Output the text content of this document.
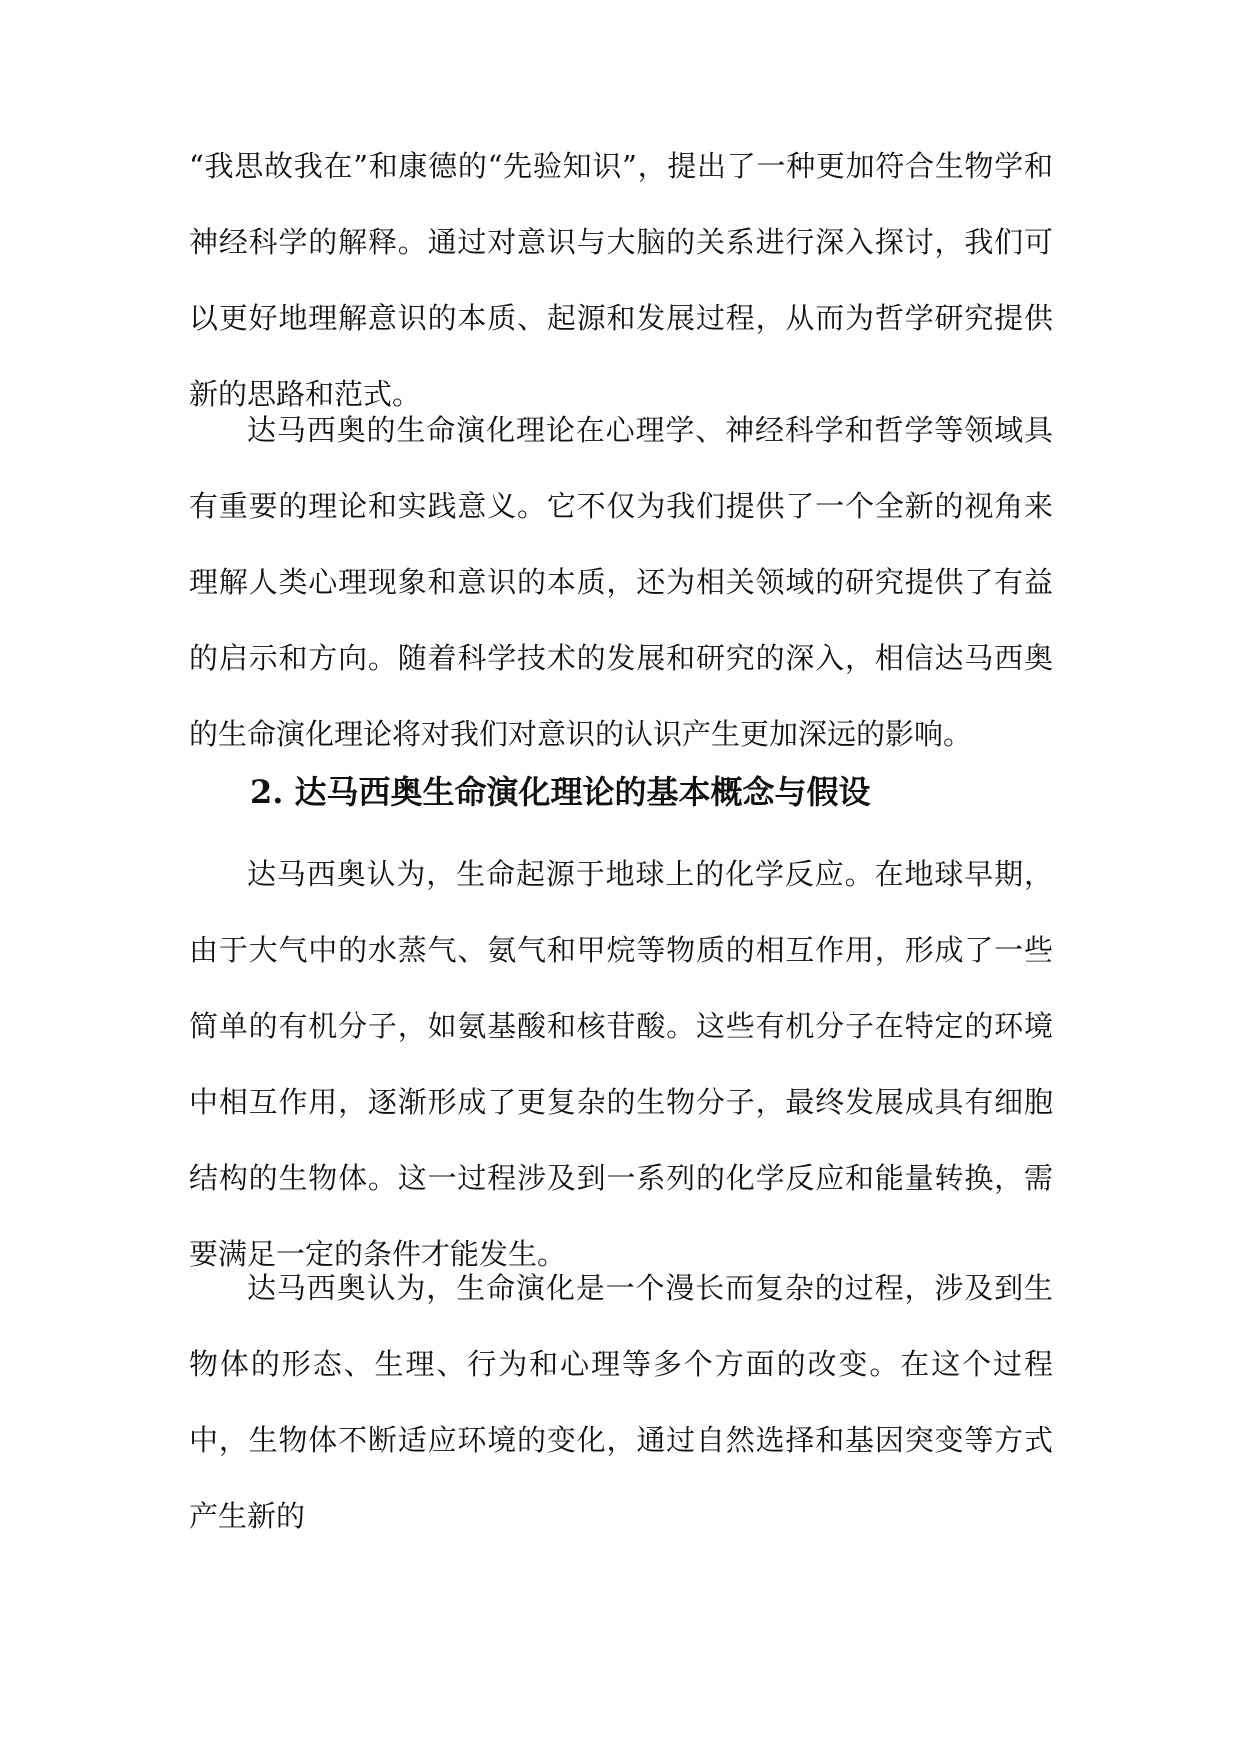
“我思故我在”和康德的“先验知识”，提出了一种更加符合生物学和神经科学的解释。通过对意识与大脑的关系进行深入探讨，我们可以更好地理解意识的本质、起源和发展过程，从而为哲学研究提供新的思路和范式。

达马西奥的生命演化理论在心理学、神经科学和哲学等领域具有重要的理论和实践意义。它不仅为我们提供了一个全新的视角来理解人类心理现象和意识的本质，还为相关领域的研究提供了有益的启示和方向。随着科学技术的发展和研究的深入，相信达马西奥的生命演化理论将对我们对意识的认识产生更加深远的影响。

2. 达马西奥生命演化理论的基本概念与假设

达马西奥认为，生命起源于地球上的化学反应。在地球早期，由于大气中的水蒸气、氨气和甲烷等物质的相互作用，形成了一些简单的有机分子，如氨基酸和核苷酸。这些有机分子在特定的环境中相互作用，逐渐形成了更复杂的生物分子，最终发展成具有细胞结构的生物体。这一过程涉及到一系列的化学反应和能量转换，需要满足一定的条件才能发生。

达马西奥认为，生命演化是一个漫长而复杂的过程，涉及到生物体的形态、生理、行为和心理等多个方面的改变。在这个过程中，生物体不断适应环境的变化，通过自然选择和基因突变等方式产生新的
